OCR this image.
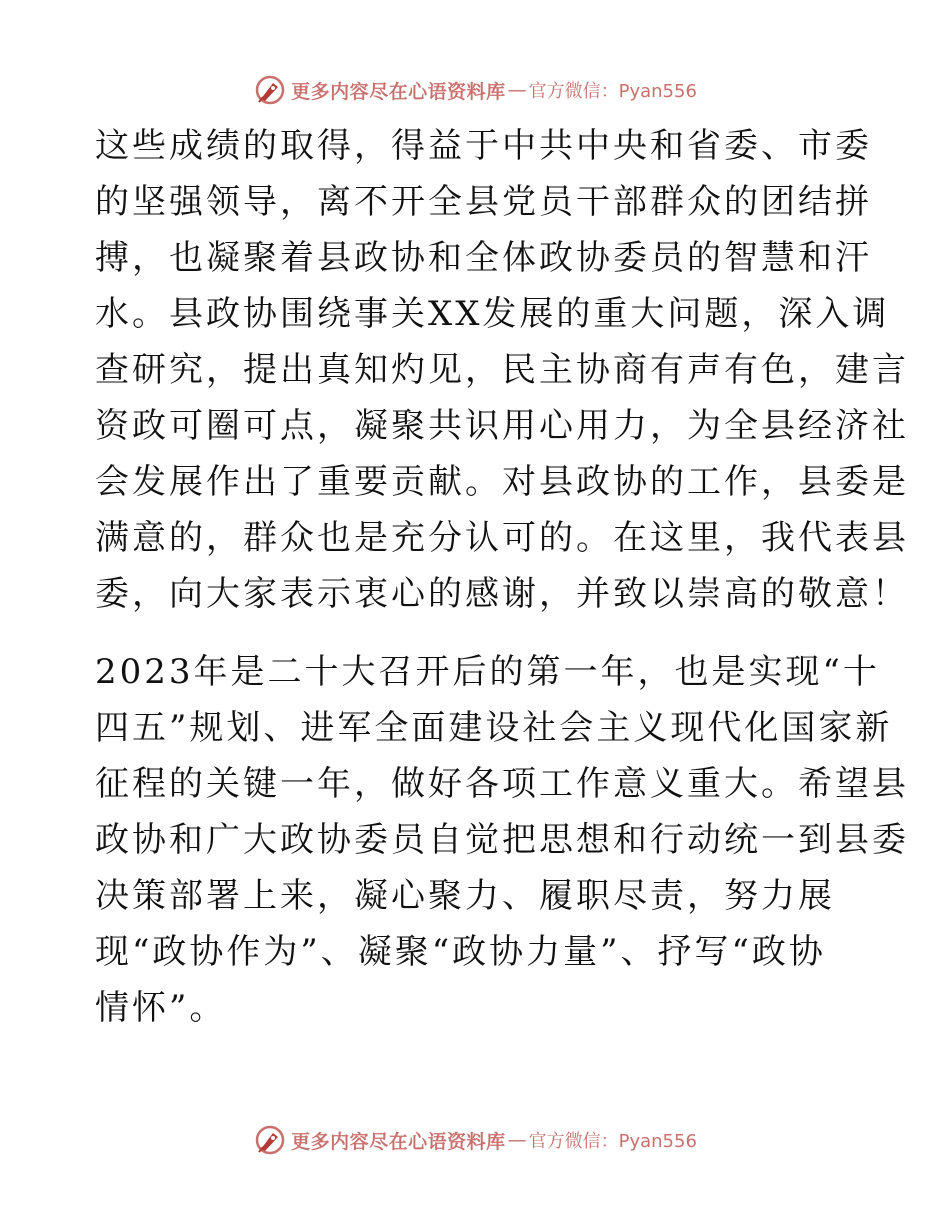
更多内容尽在心语资料库 — 官方微信：Pyan556
这些成绩的取得，得益于中共中央和省委、市委
的坚强领导，离不开全县党员干部群众的团结拼
搏，也凝聚着县政协和全体政协委员的智慧和汗
水。县政协围绕事关XX发展的重大问题，深入调
查研究，提出真知灼见，民主协商有声有色，建言
资政可圈可点，凝聚共识用心用力，为全县经济社
会发展作出了重要贡献。对县政协的工作，县委是
满意的，群众也是充分认可的。在这里，我代表县
委，向大家表示衷心的感谢，并致以崇高的敬意！
2023年是二十大召开后的第一年，也是实现“十
四五”规划、进军全面建设社会主义现代化国家新
征程的关键一年，做好各项工作意义重大。希望县
政协和广大政协委员自觉把思想和行动统一到县委
决策部署上来，凝心聚力、履职尽责，努力展
现“政协作为”、凝聚“政协力量”、抒写“政协
情怀”。
更多内容尽在心语资料库 — 官方微信：Pyan556
